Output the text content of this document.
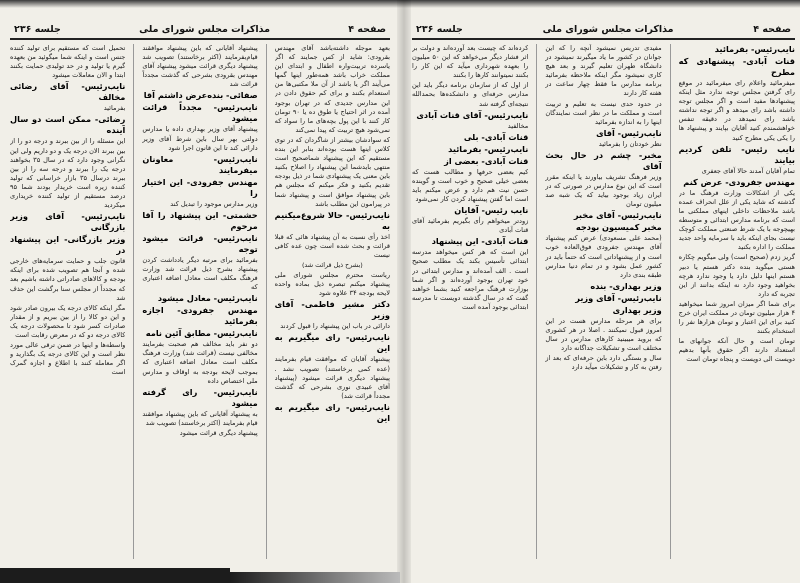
صفحه ۴
مذاکرات مجلس شورای ملی
جلسه ۲۳۶

بعهد موجله داشته‌باشد آقای مهندس بقرودی: شاید از کس جمایند که اگر یاسرده تربیت‌واره اطفال و ابتدای این مملکت خراب باشد همه‌طور اینها گمها می‌آیند اگر یا باشد از آن ملا مکتبی‌ها من استعدام بکنند و برای کم حقوق دادن در این مدارس جدیدی که در تهران بوجود آمده در اثر احتیاج یا طوق ده یا ۹۰ تومان کار کنند با این پول بچه‌های ما را سواد که نمی‌شود هیچ تربیت که پیدا نمی‌کند

که سوادشان بیشتر از شاگردان که در توی کلاس اینها هست بوده‌اند بنابر این بنده مستقیم که این پیشنهاد شماصحیح است منتهی بایدشما این پیشنهاد را اصلاح بکنید باین معنی یک پیشنهادی شما در ذیل بودجه تقدیم بکنید و فکر میکنم که مجلس هم باین پیشنهاد موافق است و پیشنهاد شما در پیرامون این مطلب باشد

نایب‌رئیس- حالا شروع‌میکنیم به

اخذ رأی نسبت به آن پیشنهاد هائی که قبلا قرائت و بحث شده است چون عده کافی نیست

(بشرح ذیل قرائت شد)

ریاست محترم مجلس شورای ملی پیشنهاد میکنم تبصره ذیل بماده واحده لایحه بودجه ۳۴ علاوه شود

دکتر مشیر فاطمی- آقای وزیر

دارائی در باب این پیشنهاد را قبول کردند

نایب‌رئیس- رای میگیریم به این

پیشنهاد آقایان که موافقت قیام بفرمایند (عده کمی برخاستند) تصویب نشد . پیشنهاد دیگری قرائت میشود (پیشنهاد آقای عبیدی نوری بشرحی که گذشت مجدداً قرائت شد)

نایب‌رئیس- رای میگیریم به این

پیشنهاد آقایانی که باین پیشنهاد موافقند قیام‌بفرمایند (اکثر برخاستند) تصویب شد پیشنهاد دیگری قرائت میشود پیشنهاد آقای مهندس بقرودی بشرحی که گذشت مجدداً قرائت شد

صفائی- بنده‌عرض داشتم آقا

نایب‌رئیس- مجدداً قرائت میشود

پیشنهاد آقای وزیر بهداری داده یا مدارس دولتی بهر سال باین شرط آقای وزیر دارائی کند تا این قانون اجرا شود

نایب‌رئیس- معاونان میفرمایند

مهندس جفرودی- این اختیار را

وزیر مدارس موجود را تبدیل کند

حشمتی- این پیشنهاد را آقا مرحوم

نایب‌رئیس- قرائت میشود توجه

بفرمائید برای مرتبه دیگر یادداشت کردن پیشنهاد بشرح ذیل قرائت شد وزارت فرهنگ مکلف است معادل اضافه اعتباری که

نایب‌رئیس- معادل میشود

مهندس جفرودی- اجازه بفرمائید

نایب‌رئیس- مطابق آئین نامه

دو نفر باید مخالف هم صحبت بفرمایند مخالفی نیست (قرائت شد) وزارت فرهنگ مکلف است معادل اضافه اعتباری که بموجب لایحه بودجه به اوقاف و مدارس ملی اختصاص داده

نایب‌رئیس- رای گرفته میشود

به پیشنهاد آقایانی که باین پیشنهاد موافقند قیام بفرمایند (اکثر برخاستند) تصویب شد

پیشنهاد دیگری قرائت میشود

تحمیل است که مستقیم برای تولید کننده جنس است و اینکه شما میگوئید من بعهده گیرم یا تولید و در حد تولیدی حمایت بکنند ابتدا و الان معاملات میشود

نایب‌رئیس- آقای رضائی مخالف

بفرمائید

رضائی- ممکن است دو سال آینده

این مسئله را از بین ببرند و درجه دو را از بین ببرند الان درجه یک و دو داریم ولی این نگرانی وجود دارد که در سال ۳۵ بخواهند درجه یک را ببرند و درجه سه را از بین ببرند درسال ۳۵ بازار خراسانی که تولید کننده زیره است خریدار بودند شما ۹۵ درصد مستقیم از تولید کننده خریداری میکردید

نایب‌رئیس- آقای وزیر بازرگانی

وزیر بازرگانی- این پیشنهاد در

قانون جلب و حمایت سرمایه‌های خارجی شده و آنجا هم تصویب شده برای اینکه بودجه و کالاهای صادراتی داشته باشیم بعد که مجدداً از مجلس سنا برگشت این حذف شد

مگر اینکه کالای درجه یک بیرون صادر شود و این دو کالا را از بین ببریم و از مقدار صادرات کسر شود تا محصولات درجه یک کالای درجه دو که در معرض رقابت است

واسطه‌ها و اینها در ضمن ترقی عالی مورد نظر است و این کالای درجه یک بگذارید و اگر معامله کنند با اطلاع و اجازه گمرک است

صفحه ۴
مذاکرات مجلس شورای ملی
جلسه ۲۳۶

نایب‌رئیس- بفرمائید

قنات آبادی- پیشنهادی که مطرح

میفرمائید واعلام رای میفرمائید در موقع رای گرفتن مجلس توجه ندارد مثل اینکه پیشنهادها مفید است و اگر مجلس توجه داشته باشد رای میدهد و اگر توجه نداشته باشد رای نمیدهد در دقیقه تنفس خواهشمندم کنید آقایان بپایند و پیشنهاد ها را یکی یکی مطرح کنید

نایب رئیس- تلفن کردیم بیایند

تمام آقایان آمدند حالا آقای جعفری

مهندس جفرودی- عرض کنم

یکی از اشکالات وزارت فرهنگ ما در گذشته که شاید یکی از علل انحراف عمده باشد ملاحظات داخلی اینهای مملکتی ما است که برنامه مدارس ابتدائی و متوسطه بهیچوجه با یک شرط صنعتی مملکت کوچک نیست بجای اینکه باید با سرمایه واحد جدید مملکت را اداره بکنید

گریز زدم (صحیح است) ولی میگویم چکاره هستی میگوید بنده دکتر هستم یا دبیر هستم اینها دلیل دارد یا وجود ندارد هرچه بخواهید وجود دارد نه اینکه بدانند از این تجربه که دارد

برای شما اگر میزان امروز شما میخواهید ۴ هزار میلیون تومان در مملکت ایران خرج کنید برای این اعتبار و تومان هزارها نفر را استخدام بکنند

تومان است و حال آنکه جوانهای ما استعداد دارند اگر حقوق بآنها بدهیم دویست الی دویست و پنجاه تومان است

مفیدی تدریس نمیشود آنچه را که این جوانان در کشور ما یاد میگیرند نمیشود در دانشگاه طهران تعلیم گیرند و بعد هیچ کاری نمیشود مگر اینکه ملاحظه بفرمائید برنامه مدارس ما فقط چهار ساعت در هفته کار دارند

در حدود حدی نیست به تعلیم و تربیت است و مملکت ما در نظر است نمایندگان اینها را به اندازه بفرمائید

نایب‌رئیس- آقای

نظر خودتان را بفرمائید

مخبر- چشم در حال بحث آقای

وزیر فرهنگ تشریف بیاورند یا اینکه مقرر است که این نوع مدارس در صورتی که در ایران زیاد بوجود بیاید که یک شبه صد میلیون تومان

نایب‌رئیس- آقای مخبر

مخبر کمیسیون بودجه

(محمد علی مسعودی) عرض کنم پیشنهاد آقای مهندس جفرودی فوق‌العاده خوب است و از پیشنهاداتی است که حتماً باید در کشور عمل بشود و در تمام دنیا مدارس طبقه بندی دارد

وزیر بهداری- بنده

نایب‌رئیس- آقای وزیر

وزیر بهداری

برای هر مرحله مدارس هست در این امروز قبول نمیکنند . اصلا در هر کشوری که بروید میبینید کارهای مدارس در سال مختلف است و تشکیلات جداگانه دارد

سال و بستگی دارد باین حرفه‌ای که بعد از رفتن به کار و تشکیلات میآید دارد

کرده‌اند که چیست بعد آورده‌اند و دولت بر اثر فشار دیگر می‌خواهد که این ۵۰ میلیون را بعهده شهرداری میآید که این کار را بکنند نمیتوانند کارها را بکنند

از اول که از سازمان برنامه دیگر باید این مدارس حرفه‌ای و دانشکده‌ها بحمدالله نتیجه‌ای گرفته شد

نایب‌رئیس- آقای قنات آبادی

مخالفید

قنات آبادی- بلی

نایب‌رئیس- بفرمائید

قنات آبادی- بعضی از

کیم بعضی حرفها و مطالب هست که بعضی خیلی صحیح و خوب است و گوینده حسن نیت هم دارد و عرض میکنم باید است اما گفتن پیشنهاد کردن کار نمی‌شود

نایب رئیس- آقایان

زودتر میخواهم رأی بگیریم بفرمائید آقای قنات آبادی

قنات آبادی- این پیشنهاد

این است که هر کس میخواهد مدرسه ابتدائی تأسیس بکند یک مطلب صحیح است . الف آمده‌اند و مدارس ابتدائی در خود تهران بوجود آورده‌اند و اگر شما بوزارت فرهنگ مراجعه کنید بشما خواهند گفت که در سال گذشته دویست تا مدرسه ابتدائی بوجود آمده است
